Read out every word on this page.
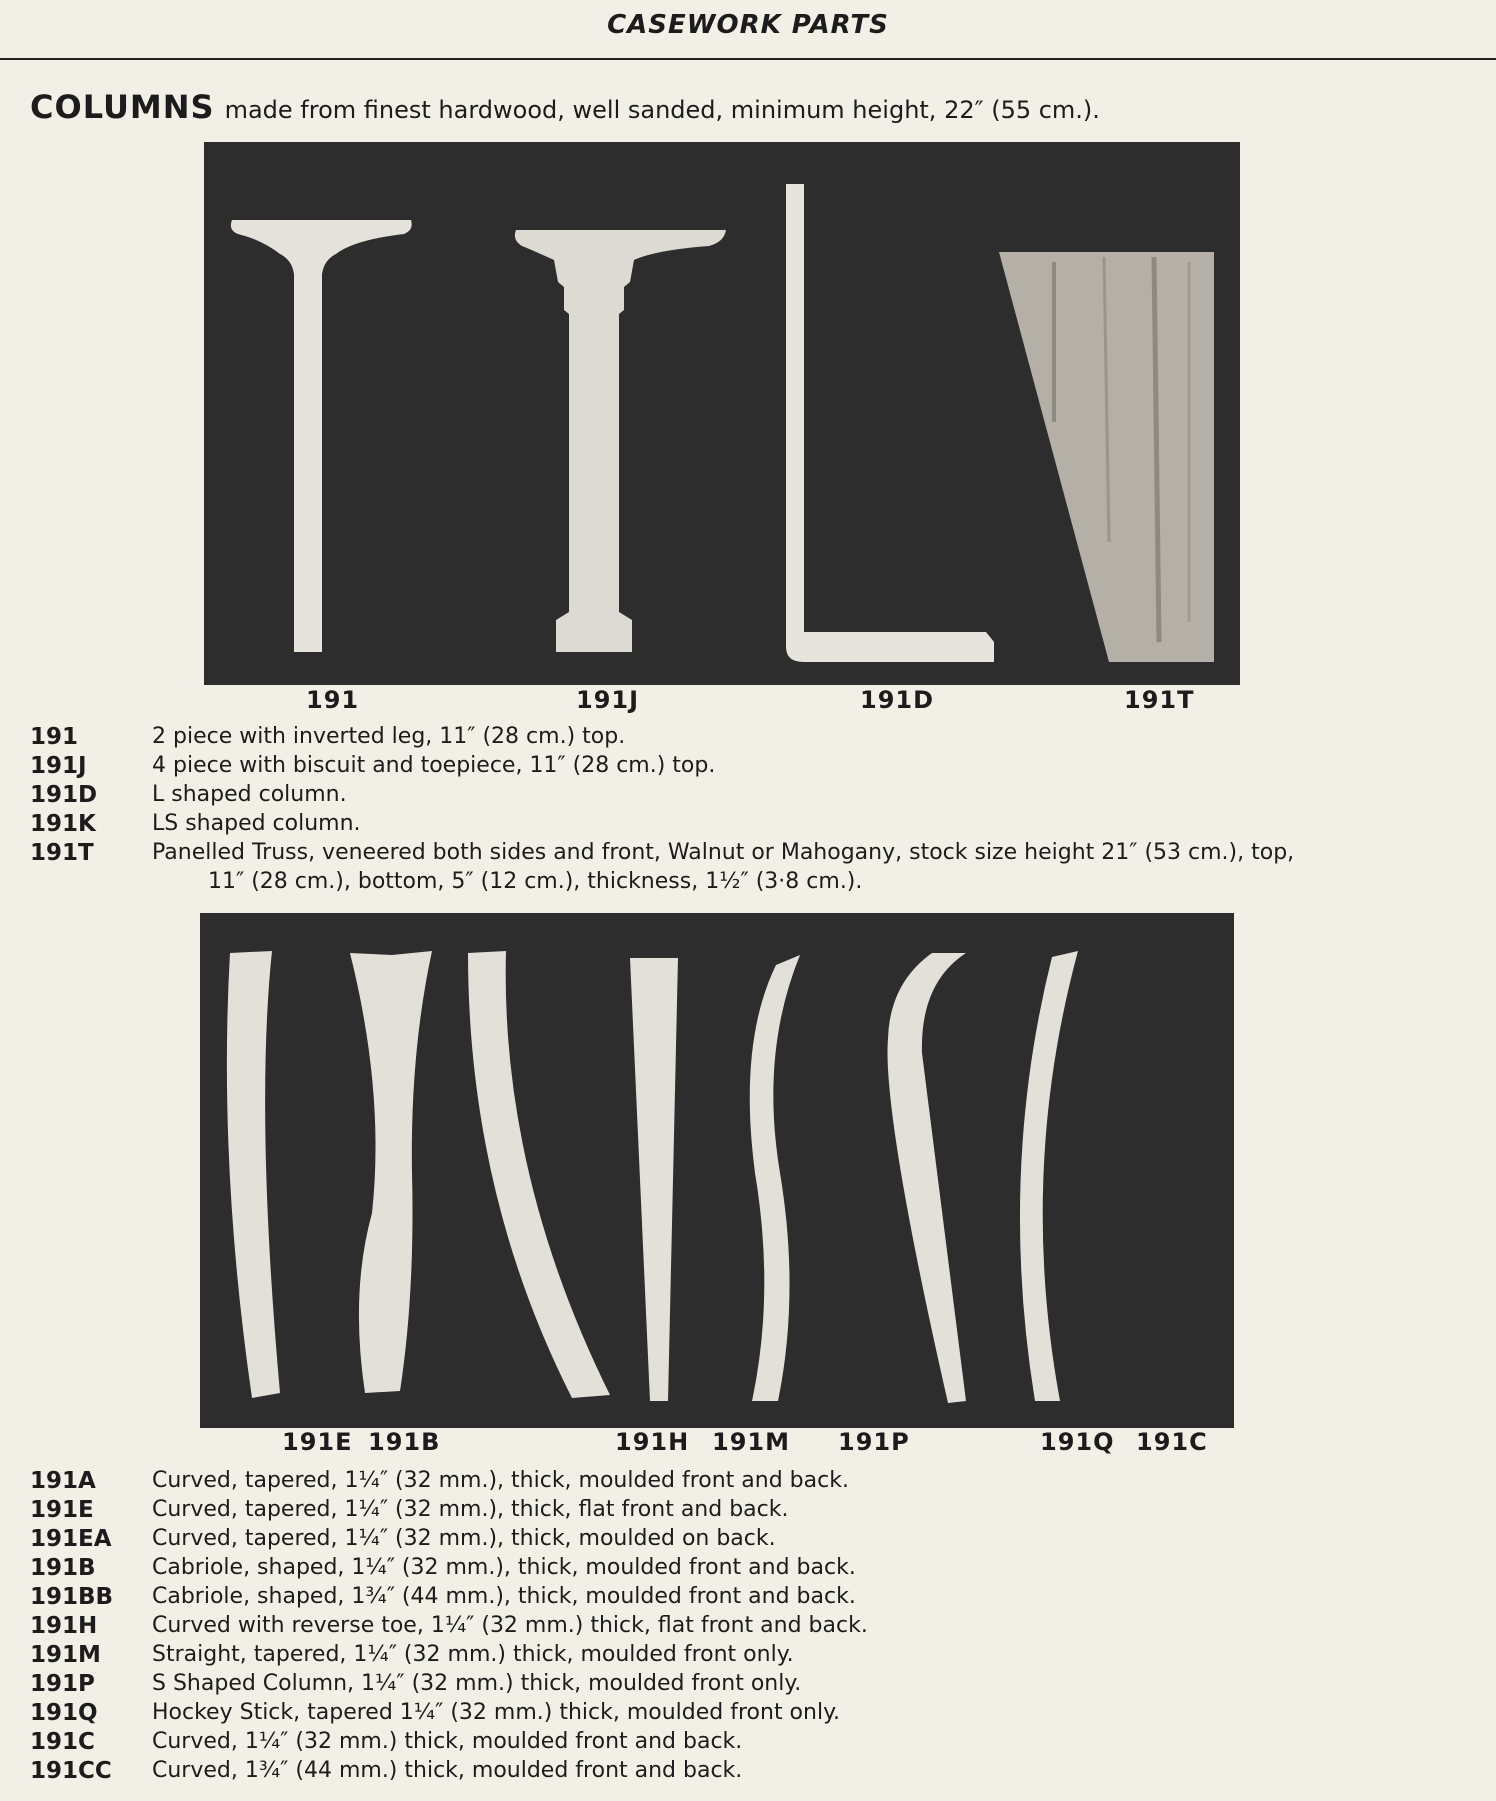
CASEWORK PARTS
COLUMNS made from finest hardwood, well sanded, minimum height, 22″ (55 cm.).
191	191J	191D	191T
191	2 piece with inverted leg, 11″ (28 cm.) top.
191J	4 piece with biscuit and toepiece, 11″ (28 cm.) top.
191D	L shaped column.
191K	LS shaped column.
191T	Panelled Truss, veneered both sides and front, Walnut or Mahogany, stock size height 21″ (53 cm.), top,
11″ (28 cm.), bottom, 5″ (12 cm.), thickness, 1½″ (3·8 cm.).
191E 191B	191H 191M 191P	191Q 191C
191A	Curved, tapered, 1¼″ (32 mm.), thick, moulded front and back.
191E	Curved, tapered, 1¼″ (32 mm.), thick, flat front and back.
191EA	Curved, tapered, 1¼″ (32 mm.), thick, moulded on back.
191B	Cabriole, shaped, 1¼″ (32 mm.), thick, moulded front and back.
191BB	Cabriole, shaped, 1¾″ (44 mm.), thick, moulded front and back.
191H	Curved with reverse toe, 1¼″ (32 mm.) thick, flat front and back.
191M	Straight, tapered, 1¼″ (32 mm.) thick, moulded front only.
191P	S Shaped Column, 1¼″ (32 mm.) thick, moulded front only.
191Q	Hockey Stick, tapered 1¼″ (32 mm.) thick, moulded front only.
191C	Curved, 1¼″ (32 mm.) thick, moulded front and back.
191CC	Curved, 1¾″ (44 mm.) thick, moulded front and back.
